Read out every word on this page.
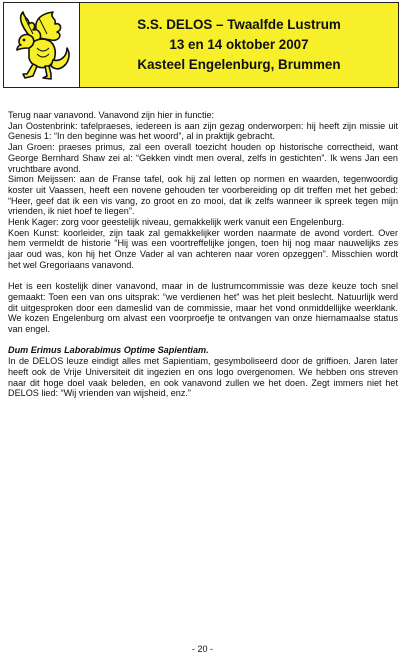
S.S. DELOS – Twaalfde Lustrum
13 en 14 oktober 2007
Kasteel Engelenburg, Brummen

Terug naar vanavond. Vanavond zijn hier in functie:

Jan Oostenbrink: tafelpraeses, iedereen is aan zijn gezag onderworpen: hij heeft zijn missie uit Genesis 1: “In den beginne was het woord”, al in praktijk gebracht.

Jan Groen: praeses primus, zal een overall toezicht houden op historische correctheid, want George Bernhard Shaw zei al: “Gekken vindt men overal, zelfs in gestichten”. Ik wens Jan een vruchtbare avond.

Simon Meijssen: aan de Franse tafel, ook hij zal letten op normen en waarden, tegenwoordig koster uit Vaassen, heeft een novene gehouden ter voorbereiding op dit treffen met het gebed: “Heer, geef dat ik een vis vang, zo groot en zo mooi, dat ik zelfs wanneer ik spreek tegen mijn vrienden, ik niet hoef te liegen”.

Henk Kager: zorg voor geestelijk niveau, gemakkelijk werk vanuit een Engelenburg.

Koen Kunst: koorleider, zijn taak zal gemakkelijker worden naarmate de avond vordert. Over hem vermeldt de historie “Hij was een voortreffelijke jongen, toen hij nog maar nauwelijks zes jaar oud was, kon hij het Onze Vader al van achteren naar voren opzeggen”. Misschien wordt het wel Gregoriaans vanavond.

Het is een kostelijk diner vanavond, maar in de lustrumcommissie was deze keuze toch snel gemaakt: Toen een van ons uitsprak: “we verdienen het” was het pleit beslecht. Natuurlijk werd dit uitgesproken door een dameslid van de commissie, maar het vond onmiddellijke weerklank. We kozen Engelenburg om alvast een voorproefje te ontvangen van onze hiernamaalse status van engel.

Dum Erimus Laborabimus Optime Sapientiam.

In de DELOS leuze eindigt alles met Sapientiam, gesymboliseerd door de griffioen. Jaren later heeft ook de Vrije Universiteit dit ingezien en ons logo overgenomen. We hebben ons streven naar dit hoge doel vaak beleden, en ook vanavond zullen we het doen. Zegt immers niet het DELOS lied: “Wij vrienden van wijsheid, enz.”

- 20 -
